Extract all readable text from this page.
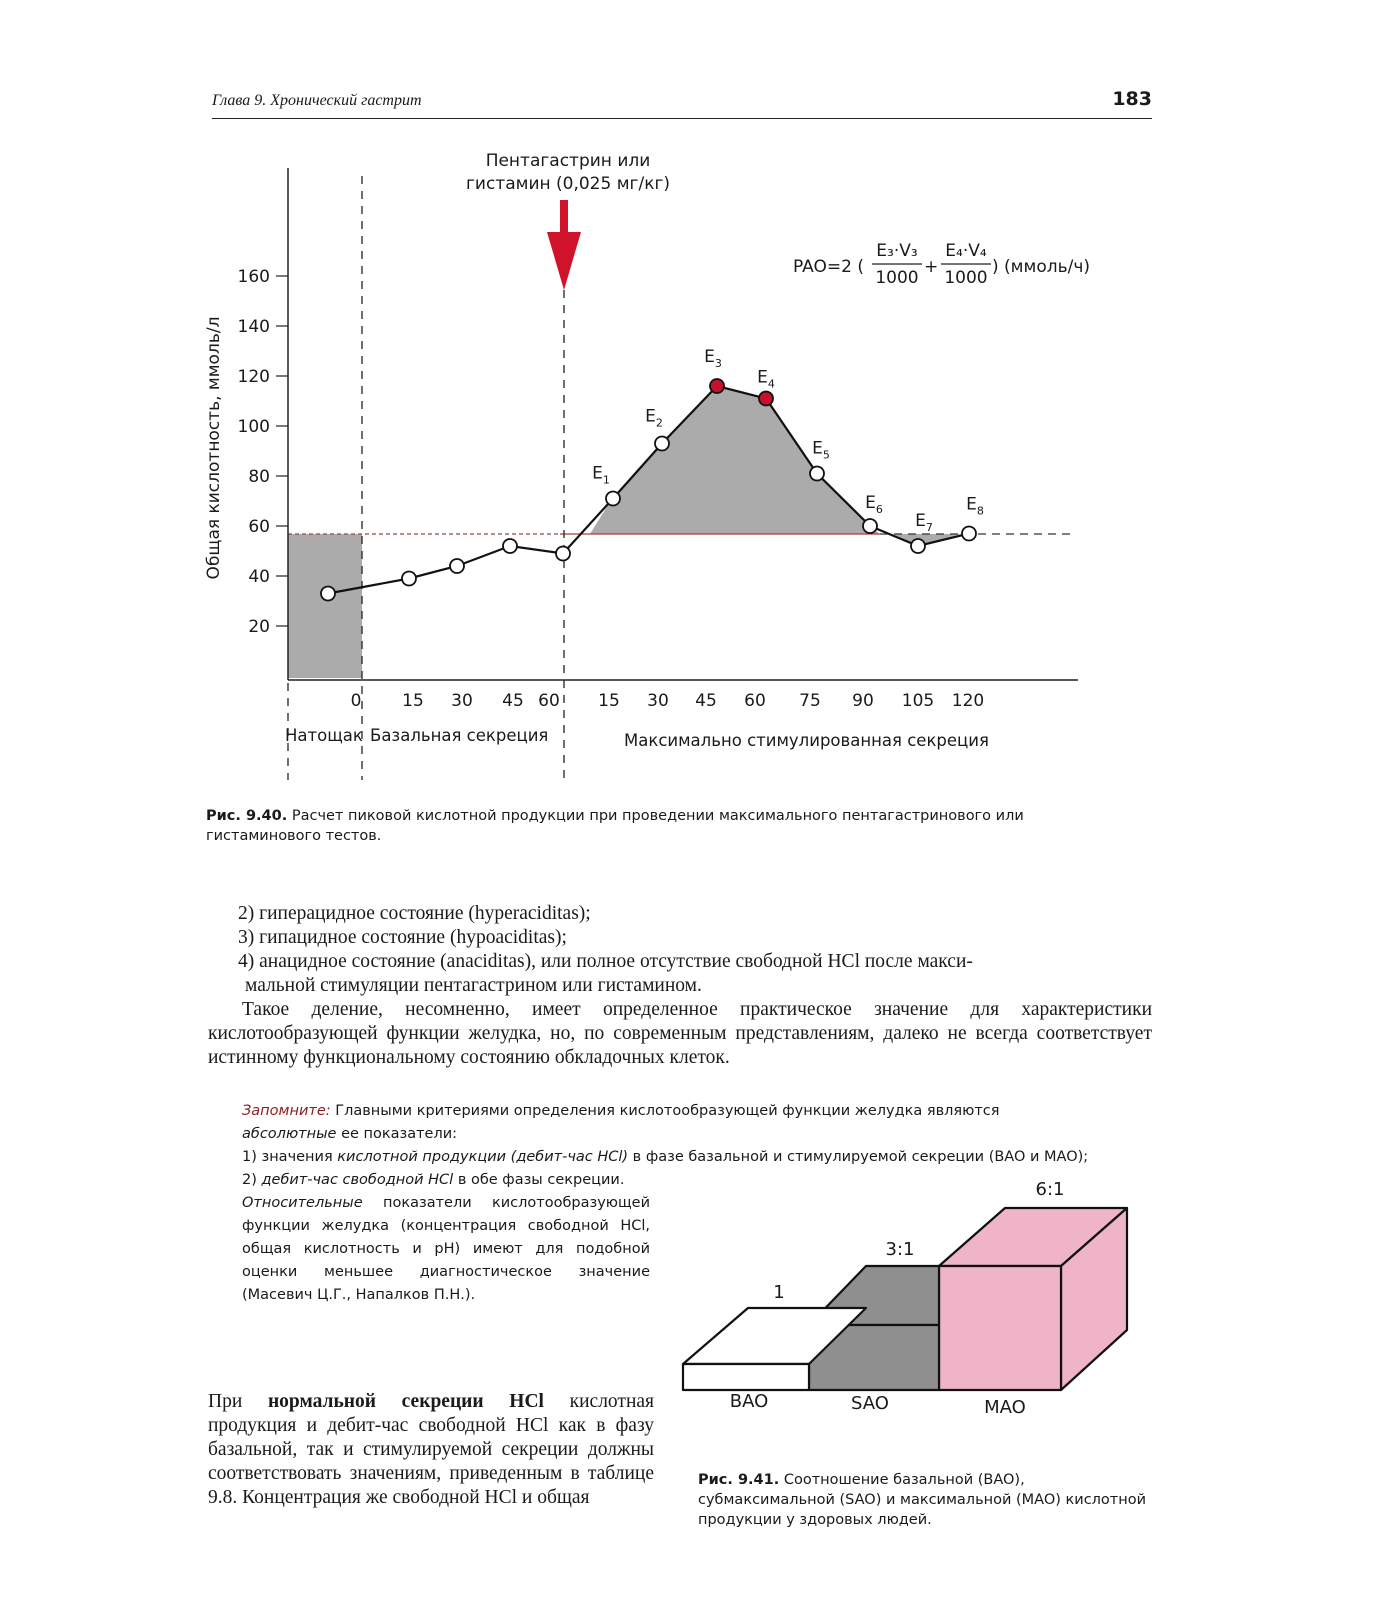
Глава 9. Хронический гастрит	183
Пентагастрин или
гистамин (0,025 мг/кг)
PAO=2 (
E₃·V₃
1000
+
E₄·V₄
1000
) (ммоль/ч)
Общая кислотность, ммоль/л
Натощак Базальная секреция	Максимально стимулированная секреция
20
40
60
80
100
120
140
160
0 15 30 45 60 15 30 45 60 75 90 105 120
$E_1$
$E_2$
$E_3$
$E_4$
$E_5$
$E_6$
$E_7$
$E_8$
Рис. 9.40. Расчет пиковой кислотной продукции при проведении максимального пентагастринового или гистаминового тестов.
2) гиперацидное состояние (hyperaciditas);
3) гипацидное состояние (hypoaciditas);
4) анацидное состояние (anaciditas), или полное отсутствие свободной HCl после макси-
мальной стимуляции пентагастрином или гистамином.
Такое деление, несомненно, имеет определенное практическое значение для характеристики кислотообразующей функции желудка, но, по современным представлениям, далеко не всегда соответствует истинному функциональному состоянию обкладочных клеток.
Запомните: Главными критериями определения кислотообразующей функции желудка являются
абсолютные ее показатели:
1) значения кислотной продукции (дебит-час HCl) в фазе базальной и стимулируемой секреции (BAO и MAO);
2) дебит-час свободной HCl в обе фазы секреции.
Относительные показатели кислотообразующей функции желудка (концентрация свободной HCl, общая кислотность и pH) имеют для подобной оценки меньшее диагностическое значение (Масевич Ц.Г., Напалков П.Н.).
При нормальной секреции HCl кислотная продукция и дебит-час свободной HCl как в фазу базальной, так и стимулируемой секреции должны соответствовать значениям, приведенным в таблице 9.8. Концентрация же свободной HCl и общая
1
3:1
6:1
BAO	SAO	MAO
Рис. 9.41. Соотношение базальной (BAO), субмаксимальной (SAO) и максимальной (MAO) кислотной продукции у здоровых людей.
